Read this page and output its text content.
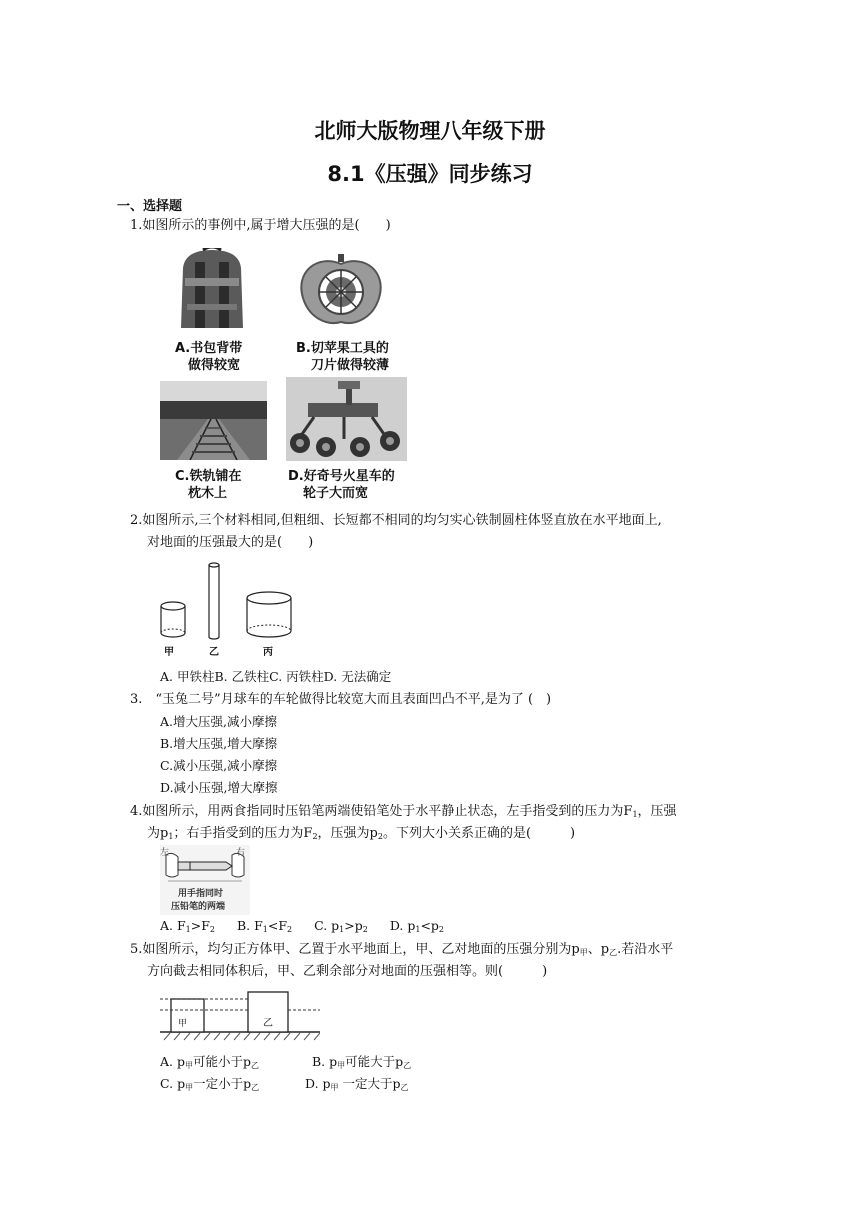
北师大版物理八年级下册
8.1《压强》同步练习
一、选择题
1.如图所示的事例中,属于增大压强的是(　　)
A.书包背带
做得较宽
B.切苹果工具的
刀片做得较薄
C.铁轨铺在
枕木上
D.好奇号火星车的
轮子大而宽
2.如图所示,三个材料相同,但粗细、长短都不相同的均匀实心铁制圆柱体竖直放在水平地面上,
对地面的压强最大的是(　　)
甲	乙	丙
A. 甲铁柱B. 乙铁柱C. 丙铁柱D. 无法确定
3.　“玉兔二号”月球车的车轮做得比较宽大而且表面凹凸不平,是为了 (　)
A.增大压强,减小摩擦
B.增大压强,增大摩擦
C.减小压强,减小摩擦
D.减小压强,增大摩擦
4.如图所示，用两食指同时压铅笔两端使铅笔处于水平静止状态，左手指受到的压力为$F_1$，压强
为$p_1$；右手指受到的压力为$F_2$，压强为$p_2$。下列大小关系正确的是(　　　)
左	右
用手指同时
压铅笔的两端
A. $F_1>F_2$ B. $F_1<F_2$ C. $p_1>p_2$ D. $p_1<p_2$
5.如图所示，均匀正方体甲、乙置于水平地面上，甲、乙对地面的压强分别为$p_甲$、$p_乙$.若沿水平
方向截去相同体积后，甲、乙剩余部分对地面的压强相等。则(　　　)
甲	乙
A. $p_甲$可能小于$p_乙$	B. $p_甲$可能大于$p_乙$
C. $p_甲$一定小于$p_乙$	D. $p_甲$ 一定大于$p_乙$
